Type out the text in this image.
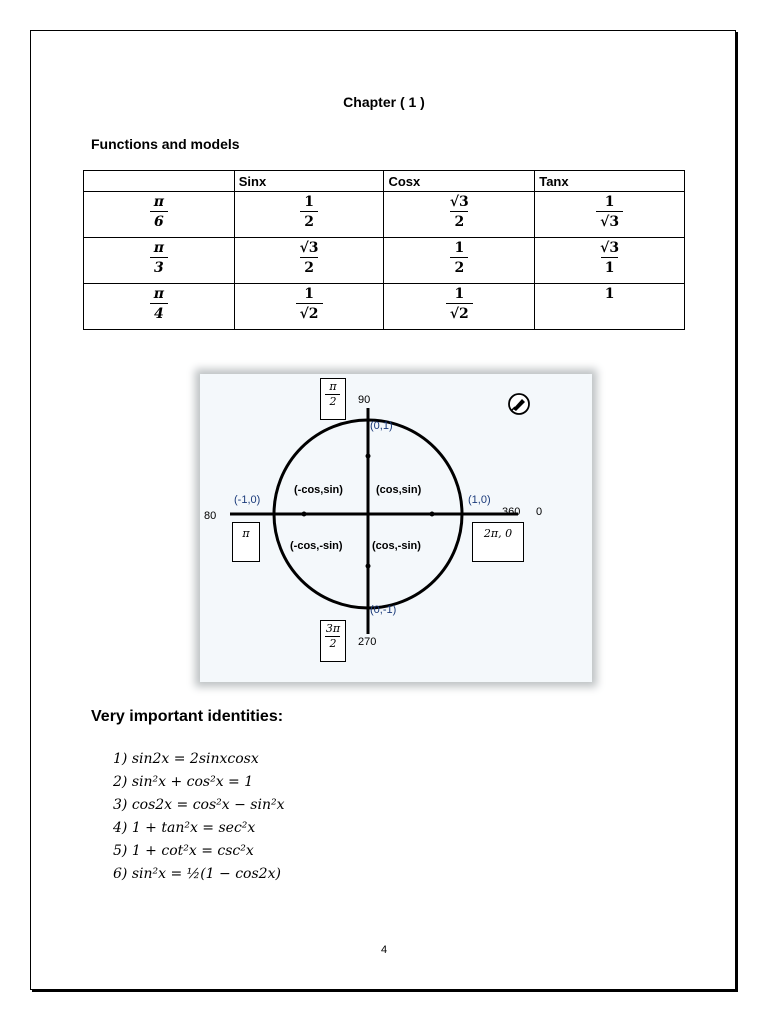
Chapter ( 1 )
Functions and models
	Sinx	Cosx	Tanx

$\frac{\pi}{6}$	$\frac{1}{2}$	$\frac{√3}{2}$	$\frac{1}{√3}$

$\frac{\pi}{3}$	$\frac{√3}{2}$	$\frac{1}{2}$	$\frac{√3}{1}$

$\frac{\pi}{4}$	$\frac{1}{√2}$	$\frac{1}{√2}$	1
$\frac{\pi}{2}$
π	2π, 0
$\frac{3\pi}{2}$
90
80	360 0
270
(0,1)
(-1,0)	(1,0)
(0,-1)
(-cos,sin)	(cos,sin)
(-cos,-sin)	(cos,-sin)
Very important identities:
1) sin2x = 2sinxcosx
2) sin²x + cos²x = 1
3) cos2x = cos²x − sin²x
4) 1 + tan²x = sec²x
5) 1 + cot²x = csc²x
6) sin²x = ½(1 − cos2x)
4
